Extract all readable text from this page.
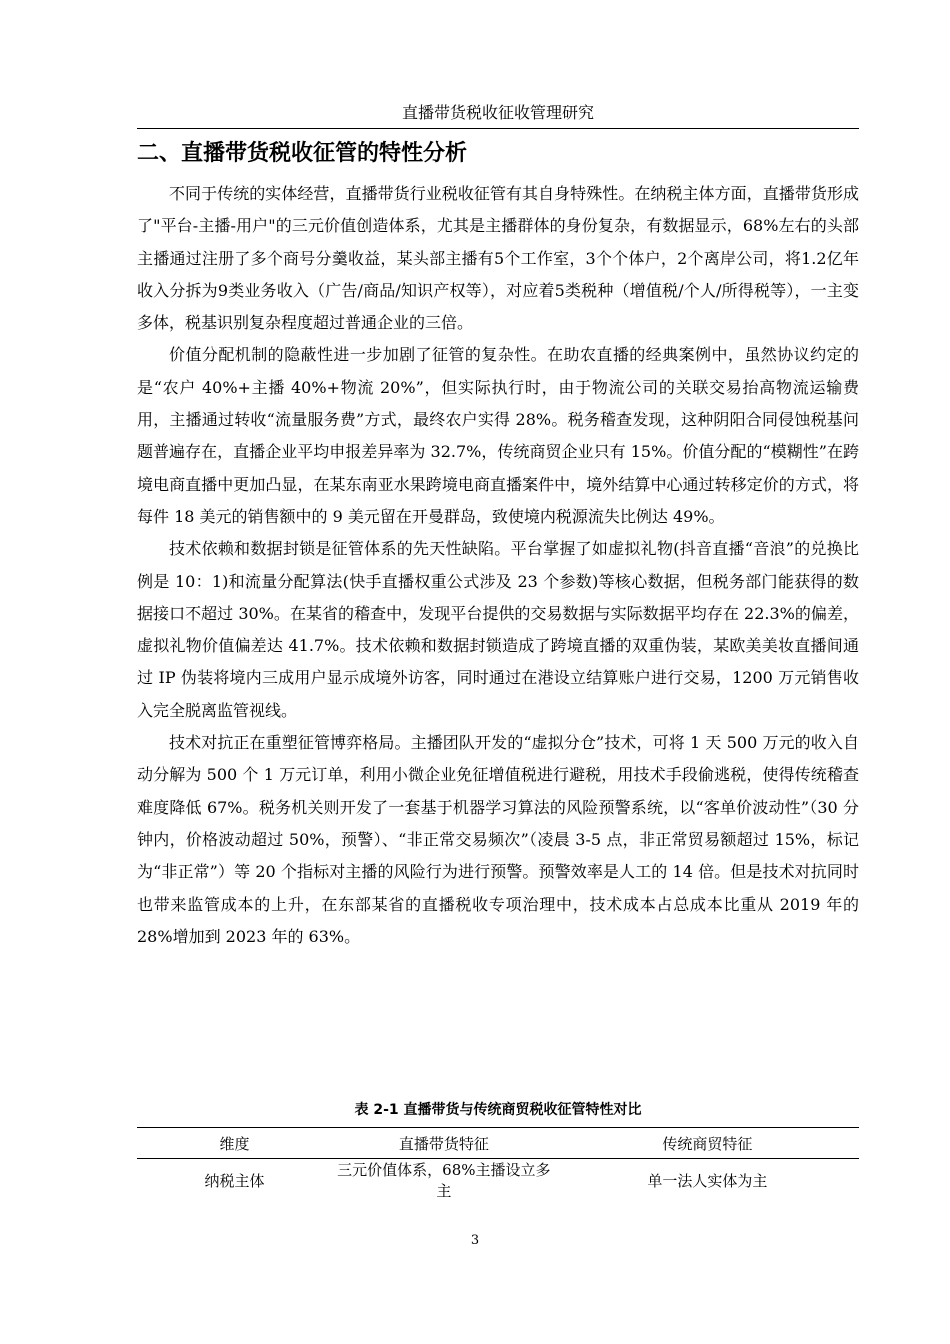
直播带货税收征收管理研究
二、直播带货税收征管的特性分析

不同于传统的实体经营，直播带货行业税收征管有其自身特殊性。在纳税主体方面，直播带货形成了"平台-主播-用户"的三元价值创造体系，尤其是主播群体的身份复杂，有数据显示，68%左右的头部主播通过注册了多个商号分羹收益，某头部主播有5个工作室，3个个体户，2个离岸公司，将1.2亿年收入分拆为9类业务收入（广告/商品/知识产权等），对应着5类税种（增值税/个人/所得税等），一主变多体，税基识别复杂程度超过普通企业的三倍。

价值分配机制的隐蔽性进一步加剧了征管的复杂性。在助农直播的经典案例中，虽然协议约定的是“农户 40%+主播 40%+物流 20%”，但实际执行时，由于物流公司的关联交易抬高物流运输费用，主播通过转收“流量服务费”方式，最终农户实得 28%。税务稽查发现，这种阴阳合同侵蚀税基问题普遍存在，直播企业平均申报差异率为 32.7%，传统商贸企业只有 15%。价值分配的“模糊性”在跨境电商直播中更加凸显，在某东南亚水果跨境电商直播案件中，境外结算中心通过转移定价的方式，将每件 18 美元的销售额中的 9 美元留在开曼群岛，致使境内税源流失比例达 49%。

技术依赖和数据封锁是征管体系的先天性缺陷。平台掌握了如虚拟礼物(抖音直播“音浪”的兑换比例是 10：1)和流量分配算法(快手直播权重公式涉及 23 个参数)等核心数据，但税务部门能获得的数据接口不超过 30%。在某省的稽查中，发现平台提供的交易数据与实际数据平均存在 22.3%的偏差，虚拟礼物价值偏差达 41.7%。技术依赖和数据封锁造成了跨境直播的双重伪装，某欧美美妆直播间通过 IP 伪装将境内三成用户显示成境外访客，同时通过在港设立结算账户进行交易，1200 万元销售收入完全脱离监管视线。

技术对抗正在重塑征管博弈格局。主播团队开发的“虚拟分仓”技术，可将 1 天 500 万元的收入自动分解为 500 个 1 万元订单，利用小微企业免征增值税进行避税，用技术手段偷逃税，使得传统稽查难度降低 67%。税务机关则开发了一套基于机器学习算法的风险预警系统，以“客单价波动性”（30 分钟内，价格波动超过 50%，预警）、“非正常交易频次”（凌晨 3-5 点，非正常贸易额超过 15%，标记为“非正常”）等 20 个指标对主播的风险行为进行预警。预警效率是人工的 14 倍。但是技术对抗同时也带来监管成本的上升，在东部某省的直播税收专项治理中，技术成本占总成本比重从 2019 年的 28%增加到 2023 年的 63%。

表 2-1 直播带货与传统商贸税收征管特性对比
维度	直播带货特征	传统商贸特征
纳税主体	三元价值体系，68%主播设立多主	单一法人实体为主
3
